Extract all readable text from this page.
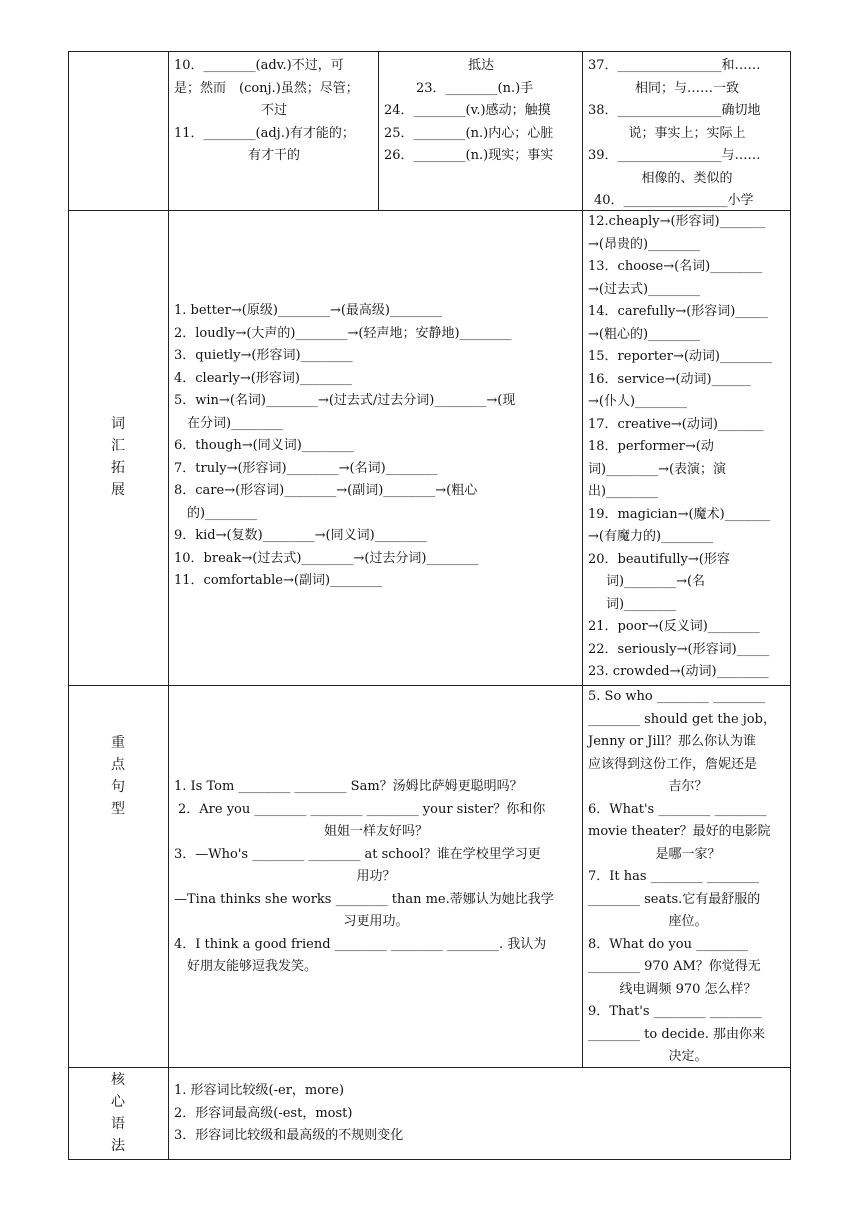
10．________(adv.)不过，可

是；然而　(conj.)虽然；尽管；

不过

11．________(adj.)有才能的；

有才干的

抵达

23．________(n.)手

24．________(v.)感动；触摸

25．________(n.)内心；心脏

26．________(n.)现实；事实

37．________________和……

相同；与……一致

38．________________确切地

说；事实上；实际上

39．________________与……

相像的、类似的

40．________________小学

词
汇
拓
展

1. better→(原级)________→(最高级)________

2．loudly→(大声的)________→(轻声地；安静地)________

3．quietly→(形容词)________

4．clearly→(形容词)________

5．win→(名词)________→(过去式/过去分词)________→(现

在分词)________

6．though→(同义词)________

7．truly→(形容词)________→(名词)________

8．care→(形容词)________→(副词)________→(粗心

的)________

9．kid→(复数)________→(同义词)________

10．break→(过去式)________→(过去分词)________

11．comfortable→(副词)________

12.cheaply→(形容词)_______

→(昂贵的)________

13．choose→(名词)________

→(过去式)________

14．carefully→(形容词)_____

→(粗心的)________

15．reporter→(动词)________

16．service→(动词)______

→(仆人)________

17．creative→(动词)_______

18．performer→(动

词)________→(表演；演

出)________

19．magician→(魔术)_______

→(有魔力的)________

20．beautifully→(形容

词)________→(名

词)________

21．poor→(反义词)________

22．seriously→(形容词)_____

23. crowded→(动词)________

重
点
句
型

1. Is Tom ________ ________ Sam？汤姆比萨姆更聪明吗？

2．Are you ________ ________ ________ your sister？你和你

姐姐一样友好吗？

3．—Who's ________ ________ at school？谁在学校里学习更

用功？

—Tina thinks she works ________ than me.蒂娜认为她比我学

习更用功。

4．I think a good friend ________ ________ ________. 我认为

好朋友能够逗我发笑。

5. So who ________ ________

________ should get the job，

Jenny or Jill？那么你认为谁

应该得到这份工作，詹妮还是

吉尔？

6．What's ________ ________

movie theater？最好的电影院

是哪一家？

7．It has ________ ________

________ seats.它有最舒服的

座位。

8．What do you ________

________ 970 AM？你觉得无

线电调频 970 怎么样？

9．That's ________ ________

________ to decide. 那由你来

决定。

核
心
语
法

1. 形容词比较级(-er，more)

2．形容词最高级(-est，most)

3．形容词比较级和最高级的不规则变化
